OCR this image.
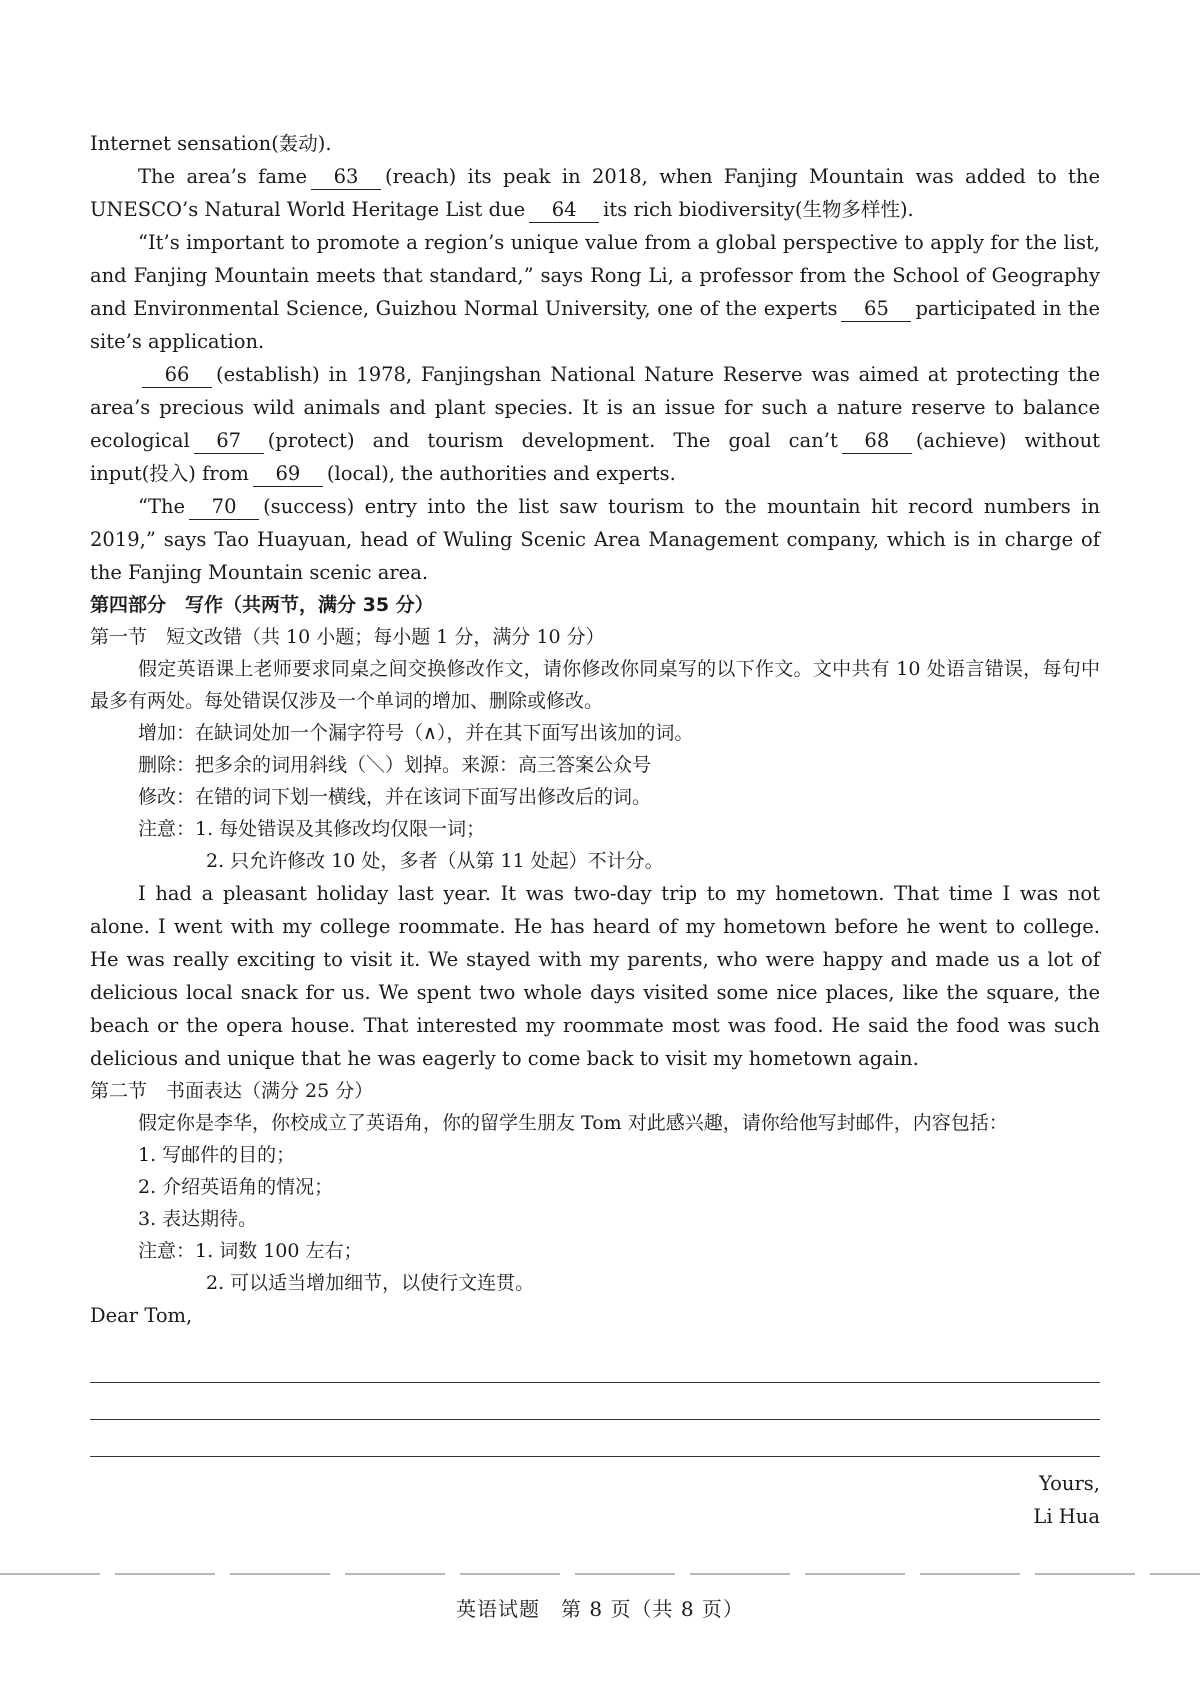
Internet sensation(轰动).

The area’s fame 63 (reach) its peak in 2018, when Fanjing Mountain was added to the UNESCO’s Natural World Heritage List due 64 its rich biodiversity(生物多样性).

“It’s important to promote a region’s unique value from a global perspective to apply for the list, and Fanjing Mountain meets that standard,” says Rong Li, a professor from the School of Geography and Environmental Science, Guizhou Normal University, one of the experts 65 participated in the site’s application.

66 (establish) in 1978, Fanjingshan National Nature Reserve was aimed at protecting the area’s precious wild animals and plant species. It is an issue for such a nature reserve to balance ecological 67 (protect) and tourism development. The goal can’t 68 (achieve) without input(投入) from 69 (local), the authorities and experts.

“The 70 (success) entry into the list saw tourism to the mountain hit record numbers in 2019,” says Tao Huayuan, head of Wuling Scenic Area Management company, which is in charge of the Fanjing Mountain scenic area.

第四部分　写作（共两节，满分 35 分）

第一节　短文改错（共 10 小题；每小题 1 分，满分 10 分）

假定英语课上老师要求同桌之间交换修改作文，请你修改你同桌写的以下作文。文中共有 10 处语言错误，每句中最多有两处。每处错误仅涉及一个单词的增加、删除或修改。

增加：在缺词处加一个漏字符号（∧），并在其下面写出该加的词。

删除：把多余的词用斜线（＼）划掉。来源：高三答案公众号

修改：在错的词下划一横线，并在该词下面写出修改后的词。

注意：1. 每处错误及其修改均仅限一词；

2. 只允许修改 10 处，多者（从第 11 处起）不计分。

I had a pleasant holiday last year. It was two-day trip to my hometown. That time I was not alone. I went with my college roommate. He has heard of my hometown before he went to college. He was really exciting to visit it. We stayed with my parents, who were happy and made us a lot of delicious local snack for us. We spent two whole days visited some nice places, like the square, the beach or the opera house. That interested my roommate most was food. He said the food was such delicious and unique that he was eagerly to come back to visit my hometown again.

第二节　书面表达（满分 25 分）

假定你是李华，你校成立了英语角，你的留学生朋友 Tom 对此感兴趣，请你给他写封邮件，内容包括：

1. 写邮件的目的；

2. 介绍英语角的情况；

3. 表达期待。

注意：1. 词数 100 左右；

2. 可以适当增加细节，以使行文连贯。

Dear Tom,

Yours,

Li Hua

英语试题　第 8 页（共 8 页）
